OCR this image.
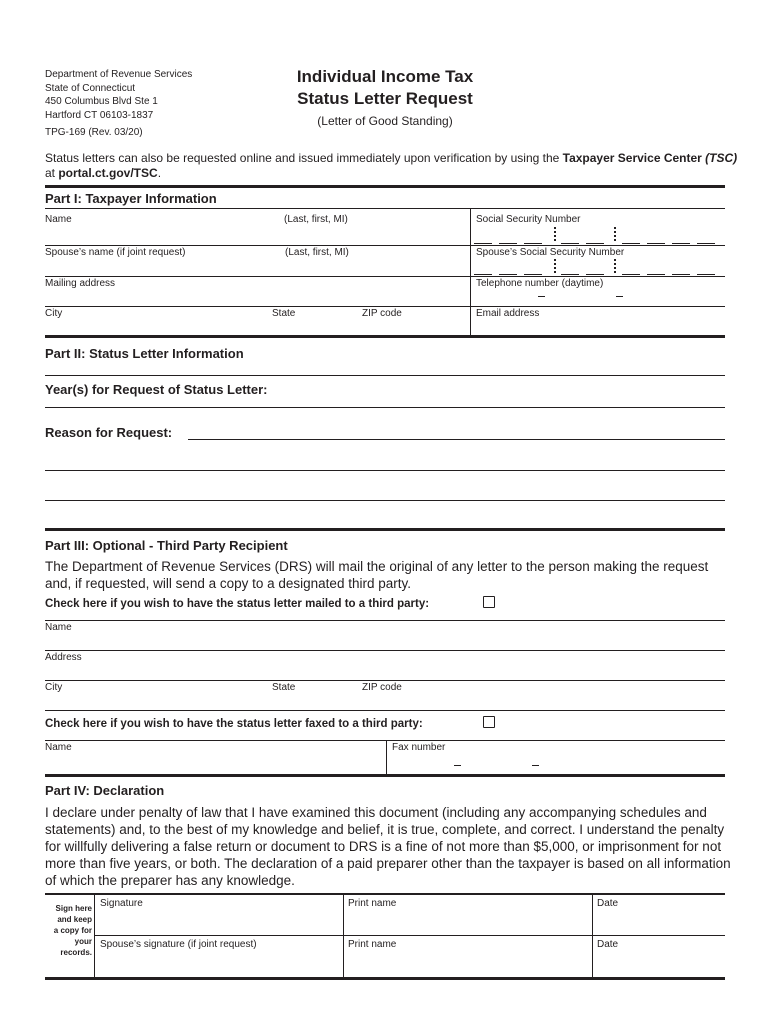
Department of Revenue Services
State of Connecticut
450 Columbus Blvd Ste 1
Hartford CT 06103-1837
TPG-169 (Rev. 03/20)
Individual Income Tax
Status Letter Request
(Letter of Good Standing)
Status letters can also be requested online and issued immediately upon verification by using the Taxpayer Service Center (TSC)
at portal.ct.gov/TSC.
Part I: Taxpayer Information
Name	(Last, first, MI)	Social Security Number
Spouse’s name (if joint request)	(Last, first, MI)	Spouse’s Social Security Number
Mailing address	Telephone number (daytime)
City	State	ZIP code	Email address
Part II: Status Letter Information
Year(s) for Request of Status Letter:
Reason for Request:
Part III: Optional - Third Party Recipient
The Department of Revenue Services (DRS) will mail the original of any letter to the person making the request and, if requested, will send a copy to a designated third party.
Check here if you wish to have the status letter mailed to a third party:
Name
Address
City	State	ZIP code
Check here if you wish to have the status letter faxed to a third party:
Name	Fax number
Part IV: Declaration
I declare under penalty of law that I have examined this document (including any accompanying schedules and statements) and, to the best of my knowledge and belief, it is true, complete, and correct. I understand the penalty for willfully delivering a false return or document to DRS is a fine of not more than $5,000, or imprisonment for not more than five years, or both. The declaration of a paid preparer other than the taxpayer is based on all information of which the preparer has any knowledge.
Sign here
and keep
a copy for
your
records.
Signature	Print name	Date
Spouse’s signature (if joint request)	Print name	Date
